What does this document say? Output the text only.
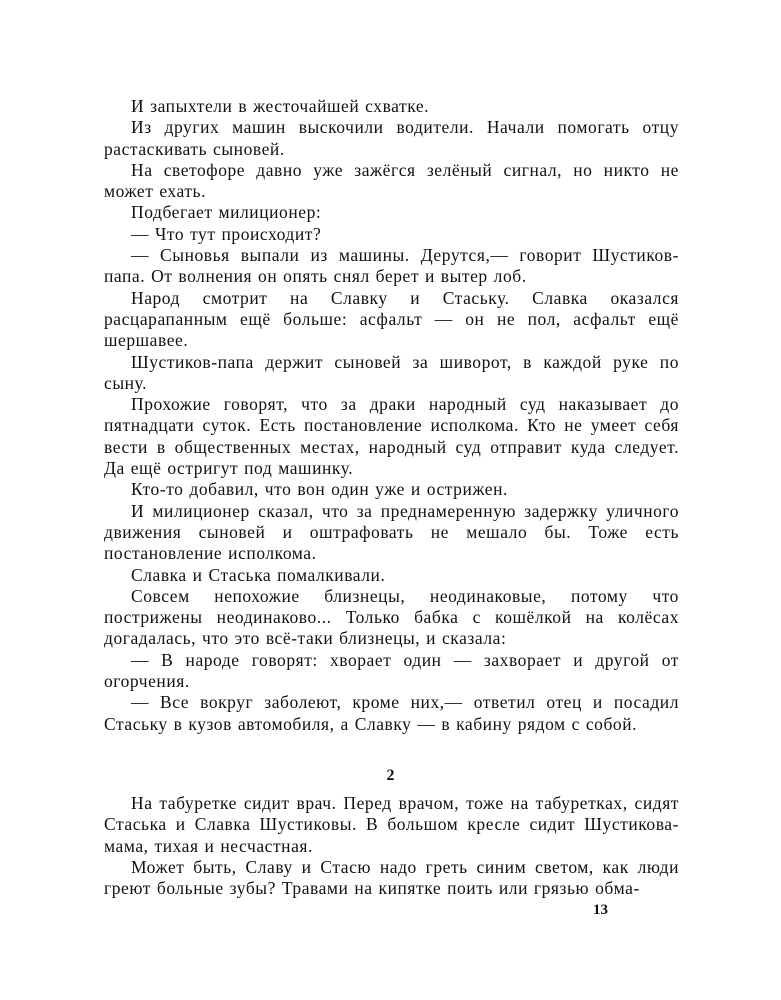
И запыхтели в жесточайшей схватке.

Из других машин выскочили водители. Начали помогать отцу растаскивать сыновей.

На светофоре давно уже зажёгся зелёный сигнал, но никто не может ехать.

Подбегает милиционер:

— Что тут происходит?

— Сыновья выпали из машины. Дерутся,— говорит Шустиков-папа. От волнения он опять снял берет и вытер лоб.

Народ смотрит на Славку и Стаську. Славка оказался расцарапанным ещё больше: асфальт — он не пол, асфальт ещё шершавее.

Шустиков-папа держит сыновей за шиворот, в каждой руке по сыну.

Прохожие говорят, что за драки народный суд наказывает до пятнадцати суток. Есть постановление исполкома. Кто не умеет себя вести в общественных местах, народный суд отправит куда следует. Да ещё остригут под машинку.

Кто-то добавил, что вон один уже и острижен.

И милиционер сказал, что за преднамеренную задержку уличного движения сыновей и оштрафовать не мешало бы. Тоже есть постановление исполкома.

Славка и Стаська помалкивали.

Совсем непохожие близнецы, неодинаковые, потому что пострижены неодинаково... Только бабка с кошёлкой на колёсах догадалась, что это всё-таки близнецы, и сказала:

— В народе говорят: хворает один — захворает и другой от огорчения.

— Все вокруг заболеют, кроме них,— ответил отец и посадил Стаську в кузов автомобиля, а Славку — в кабину рядом с собой.

2

На табуретке сидит врач. Перед врачом, тоже на табуретках, сидят Стаська и Славка Шустиковы. В большом кресле сидит Шустикова-мама, тихая и несчастная.

Может быть, Славу и Стасю надо греть синим светом, как люди греют больные зубы? Травами на кипятке поить или грязью обма-

13
